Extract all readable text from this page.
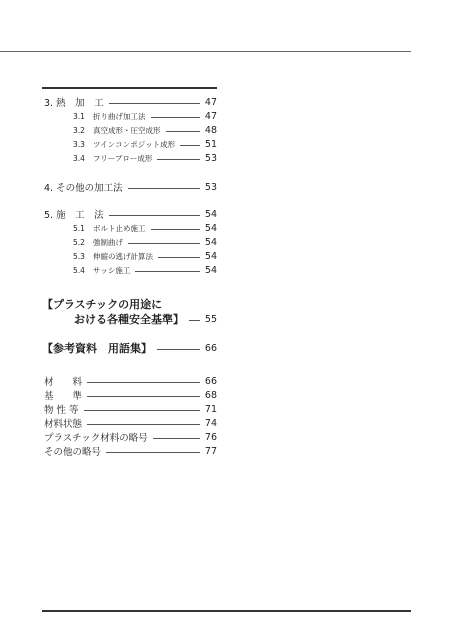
3. 熱　加　工	47
3.1 折り曲げ加工法	47
3.2 真空成形・圧空成形	48
3.3 ツインコンポジット成形	51
3.4 フリーブロー成形	53
4. その他の加工法	53
5. 施　工　法	54
5.1 ボルト止め施工	54
5.2 強制曲げ	54
5.3 伸縮の逃げ計算法	54
5.4 サッシ施工	54
【プラスチックの用途に
おける各種安全基準】 55
【参考資料　用語集】	66
材　　料	66
基　　準	68
物 性 等	71
材料状態	74
プラスチック材料の略号	76
その他の略号	77
